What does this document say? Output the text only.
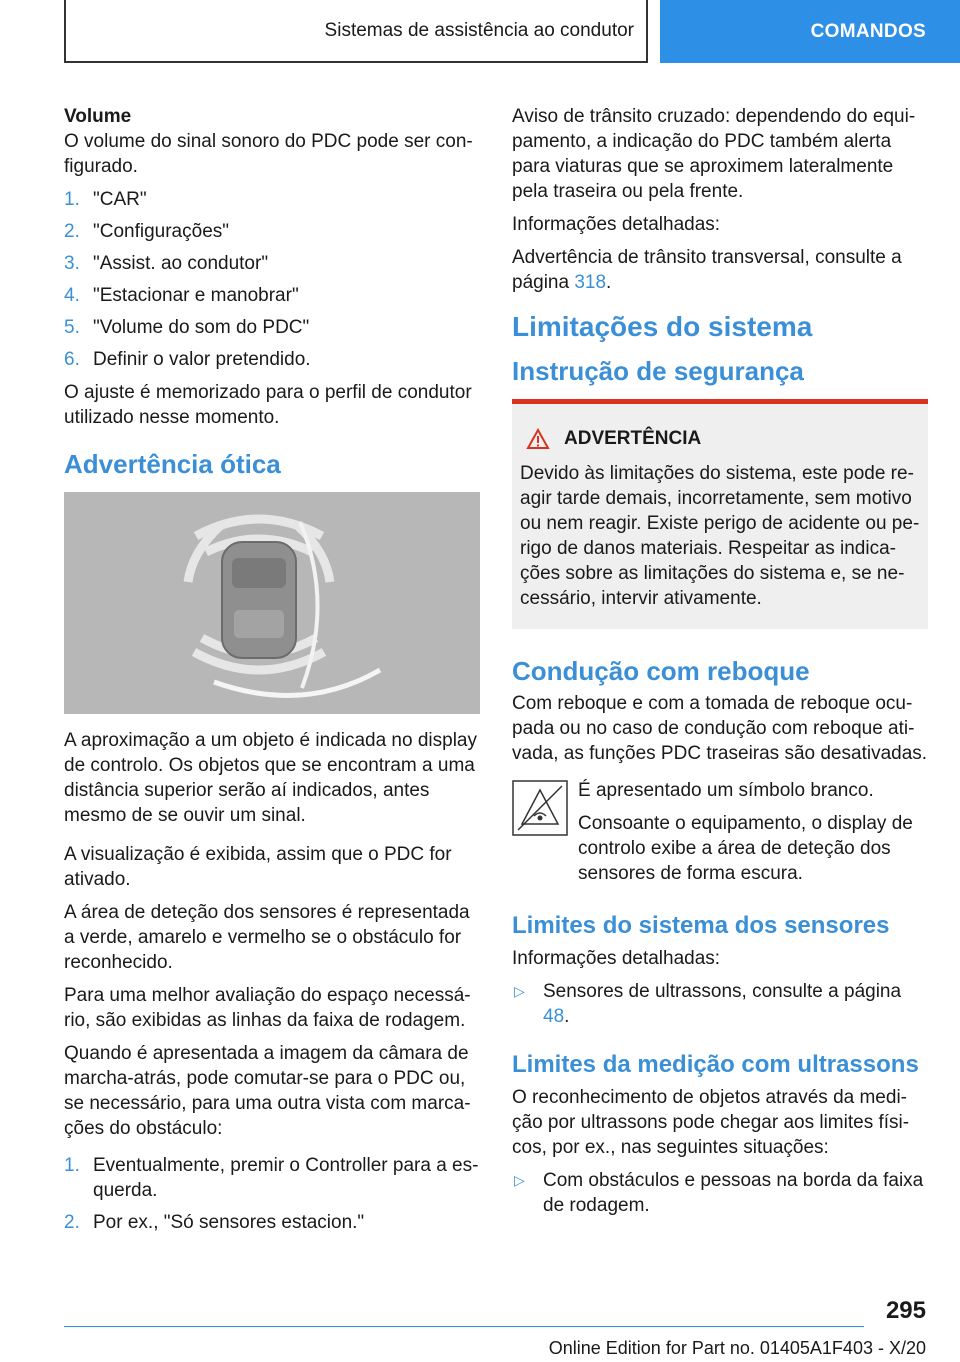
Sistemas de assistência ao condutor	COMANDOS

Volume

O volume do sinal sonoro do PDC pode ser configurado.

1. "CAR"
2. "Configurações"
3. "Assist. ao condutor"
4. "Estacionar e manobrar"
5. "Volume do som do PDC"
6. Definir o valor pretendido.

O ajuste é memorizado para o perfil de condutor utilizado nesse momento.

Advertência ótica

A aproximação a um objeto é indicada no display de controlo. Os objetos que se encontram a uma distância superior serão aí indicados, antes mesmo de se ouvir um sinal.

A visualização é exibida, assim que o PDC for ativado.

A área de deteção dos sensores é representada a verde, amarelo e vermelho se o obstáculo for reconhecido.

Para uma melhor avaliação do espaço necessário, são exibidas as linhas da faixa de rodagem.

Quando é apresentada a imagem da câmara de marcha-atrás, pode comutar-se para o PDC ou, se necessário, para uma outra vista com marcações do obstáculo:

1. Eventualmente, premir o Controller para a esquerda.
2. Por ex., "Só sensores estacion."

Aviso de trânsito cruzado: dependendo do equipamento, a indicação do PDC também alerta para viaturas que se aproximem lateralmente pela traseira ou pela frente.

Informações detalhadas:

Advertência de trânsito transversal, consulte a página 318.

Limitações do sistema
Instrução de segurança
ADVERTÊNCIA

Devido às limitações do sistema, este pode reagir tarde demais, incorretamente, sem motivo ou nem reagir. Existe perigo de acidente ou perigo de danos materiais. Respeitar as indicações sobre as limitações do sistema e, se necessário, intervir ativamente.

Condução com reboque

Com reboque e com a tomada de reboque ocupada ou no caso de condução com reboque ativada, as funções PDC traseiras são desativadas.

É apresentado um símbolo branco.

Consoante o equipamento, o display de controlo exibe a área de deteção dos sensores de forma escura.

Limites do sistema dos sensores

Informações detalhadas:

▷ Sensores de ultrassons, consulte a página 48.
Limites da medição com ultrassons

O reconhecimento de objetos através da medição por ultrassons pode chegar aos limites físicos, por ex., nas seguintes situações:

▷ Com obstáculos e pessoas na borda da faixa de rodagem.
295
Online Edition for Part no. 01405A1F403 - X/20
